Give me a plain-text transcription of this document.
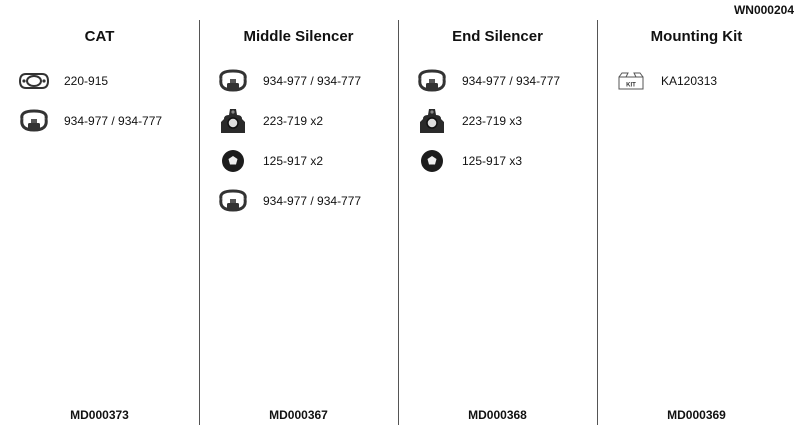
WN000204
CAT
220-915
934-977 / 934-777
MD000373
Middle Silencer
934-977 / 934-777
223-719 x2
125-917 x2
934-977 / 934-777
MD000367
End Silencer
934-977 / 934-777
223-719 x3
125-917 x3
MD000368
Mounting Kit
KIT KA120313
MD000369
